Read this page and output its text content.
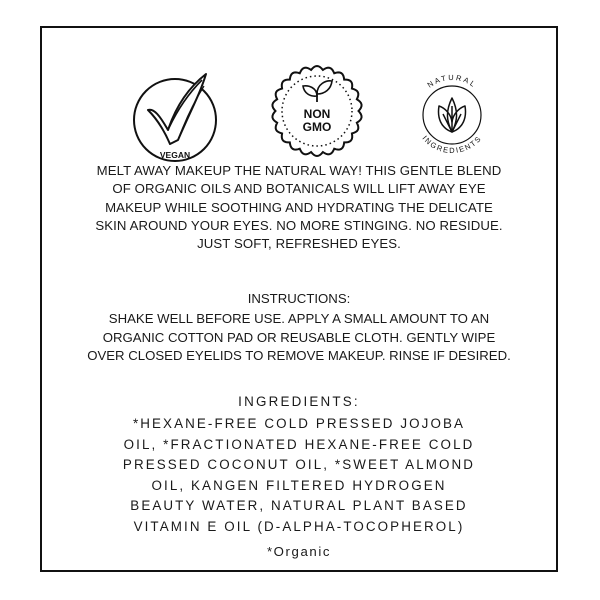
VEGAN
NON
GMO
NATURAL
INGREDIENTS
MELT AWAY MAKEUP THE NATURAL WAY! THIS GENTLE BLEND
OF ORGANIC OILS AND BOTANICALS WILL LIFT AWAY EYE
MAKEUP WHILE SOOTHING AND HYDRATING THE DELICATE
SKIN AROUND YOUR EYES. NO MORE STINGING. NO RESIDUE.
JUST SOFT, REFRESHED EYES.
INSTRUCTIONS:
SHAKE WELL BEFORE USE. APPLY A SMALL AMOUNT TO AN
ORGANIC COTTON PAD OR REUSABLE CLOTH. GENTLY WIPE
OVER CLOSED EYELIDS TO REMOVE MAKEUP. RINSE IF DESIRED.
INGREDIENTS:
*HEXANE-FREE COLD PRESSED JOJOBA
OIL, *FRACTIONATED HEXANE-FREE COLD
PRESSED COCONUT OIL, *SWEET ALMOND
OIL, KANGEN FILTERED HYDROGEN
BEAUTY WATER, NATURAL PLANT BASED
VITAMIN E OIL (D-ALPHA-TOCOPHEROL)
*Organic
